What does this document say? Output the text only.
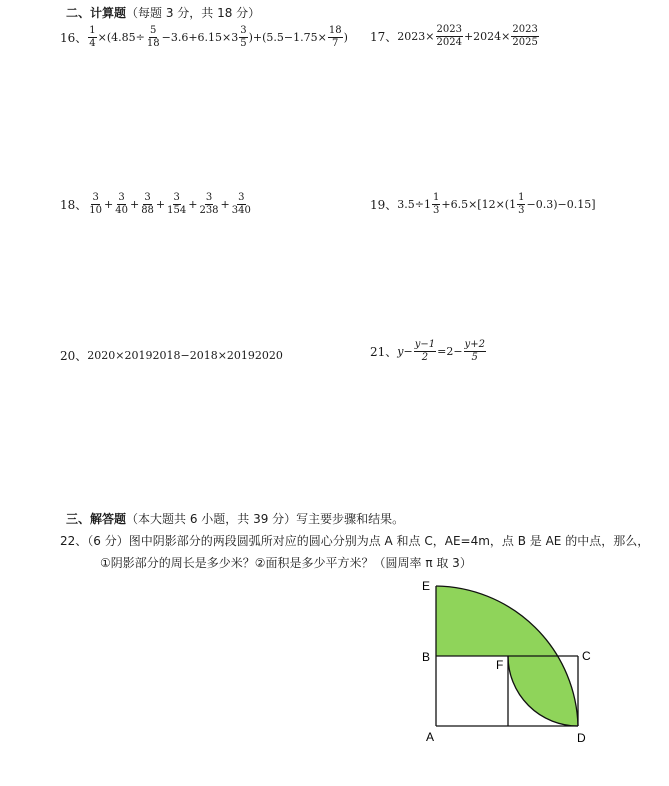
二、计算题（每题 3 分，共 18 分）
16、 $\frac{1}{4} \times(4.85\div \frac{5}{18} -3.6+6.15\times 3 \frac{3}{5} )+(5.5-1.75\times \frac{18}{7}$ ) 17、 $2023\times \frac{2023}{2024} +2024\times \frac{2023}{2025}$
18、 $\frac{3}{10} + \frac{3}{40} + \frac{3}{88} + \frac{3}{154} + \frac{3}{238} + \frac{3}{340}$	19、 $3.5\div 1 \frac{1}{3} +6.5\times[12\times(1 \frac{1}{3} -0.3)-0.15]$
20、 2020×20192018−2018×20192020	21、 $y - \frac{y-1}{2} =2- \frac{y+2}{5}$
三、解答题（本大题共 6 小题，共 39 分）写主要步骤和结果。
22、（6 分）图中阴影部分的两段圆弧所对应的圆心分别为点 A 和点 C，AE=4m，点 B 是 AE 的中点，那么，
①阴影部分的周长是多少米？②面积是多少平方米？（圆周率 π 取 3）
E
B	C
F
A	D
